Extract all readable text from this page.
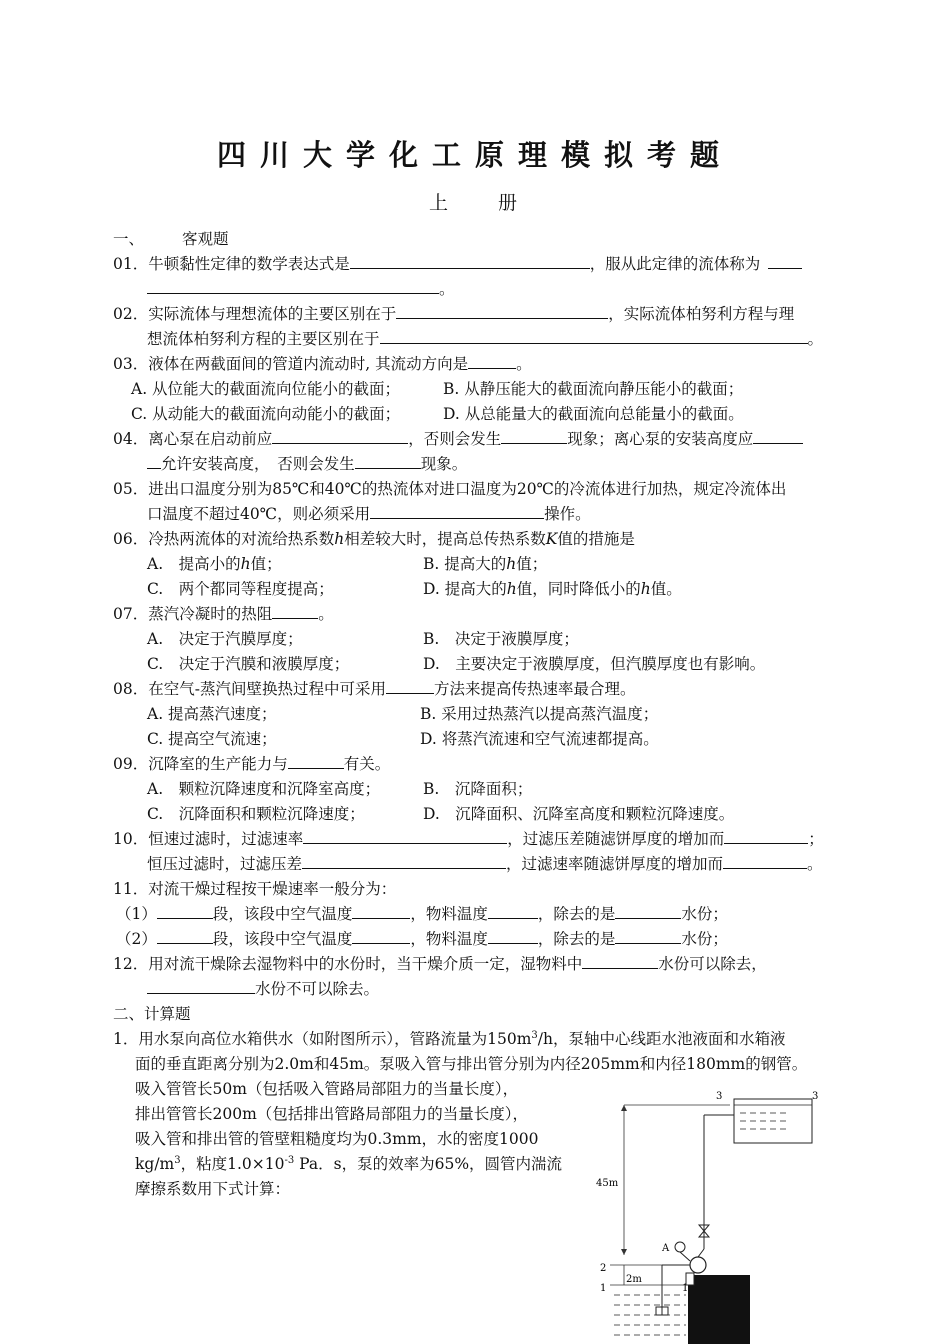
四川大学化工原理模拟考题
上　　册
一、 客观题
01．牛顿黏性定律的数学表达式是	，服从此定律的流体称为
。
02．实际流体与理想流体的主要区别在于	，实际流体柏努利方程与理
想流体柏努利方程的主要区别在于	。
03．液体在两截面间的管道内流动时, 其流动方向是	。
A. 从位能大的截面流向位能小的截面；	B. 从静压能大的截面流向静压能小的截面；
C. 从动能大的截面流向动能小的截面；	D. 从总能量大的截面流向总能量小的截面。
04．离心泵在启动前应	，否则会发生	现象；离心泵的安装高度应
允许安装高度，　否则会发生	现象。
05．进出口温度分别为85℃和40℃的热流体对进口温度为20℃的冷流体进行加热，规定冷流体出
口温度不超过40℃，则必须采用	操作。
06．冷热两流体的对流给热系数h相差较大时，提高总传热系数K值的措施是
A.　提高小的h值；	B. 提高大的h值；
C.　两个都同等程度提高；	D. 提高大的h值，同时降低小的h值。
07．蒸汽冷凝时的热阻	。
A.　决定于汽膜厚度；	B.　决定于液膜厚度；
C.　决定于汽膜和液膜厚度；	D.　主要决定于液膜厚度，但汽膜厚度也有影响。
08．在空气-蒸汽间壁换热过程中可采用	方法来提高传热速率最合理。
A. 提高蒸汽速度；	B. 采用过热蒸汽以提高蒸汽温度；
C. 提高空气流速；	D. 将蒸汽流速和空气流速都提高。
09．沉降室的生产能力与	有关。
A.　颗粒沉降速度和沉降室高度；	B.　沉降面积；
C.　沉降面积和颗粒沉降速度；	D.　沉降面积、沉降室高度和颗粒沉降速度。
10．恒速过滤时，过滤速率	，过滤压差随滤饼厚度的增加而	；
恒压过滤时，过滤压差	，过滤速率随滤饼厚度的增加而	。
11．对流干燥过程按干燥速率一般分为：
（1）	段，该段中空气温度	，物料温度	，除去的是	水份；
（2）	段，该段中空气温度	，物料温度	，除去的是	水份；
12．用对流干燥除去湿物料中的水份时，当干燥介质一定，湿物料中	水份可以除去，
水份不可以除去。
二、计算题
1．用水泵向高位水箱供水（如附图所示），管路流量为$150m^3/h$，泵轴中心线距水池液面和水箱液
面的垂直距离分别为2.0m和45m。泵吸入管与排出管分别为内径205mm和内径180mm的钢管。
吸入管管长50m（包括吸入管路局部阻力的当量长度），
排出管管长200m（包括排出管路局部阻力的当量长度），
吸入管和排出管的管壁粗糙度均为0.3mm，水的密度1000
$kg/m^3$，粘度$1.0\times 10^{-3}$ Pa．s，泵的效率为65%，圆管内湍流
摩擦系数用下式计算：
3	3
45m
A
2
2m
1	1
